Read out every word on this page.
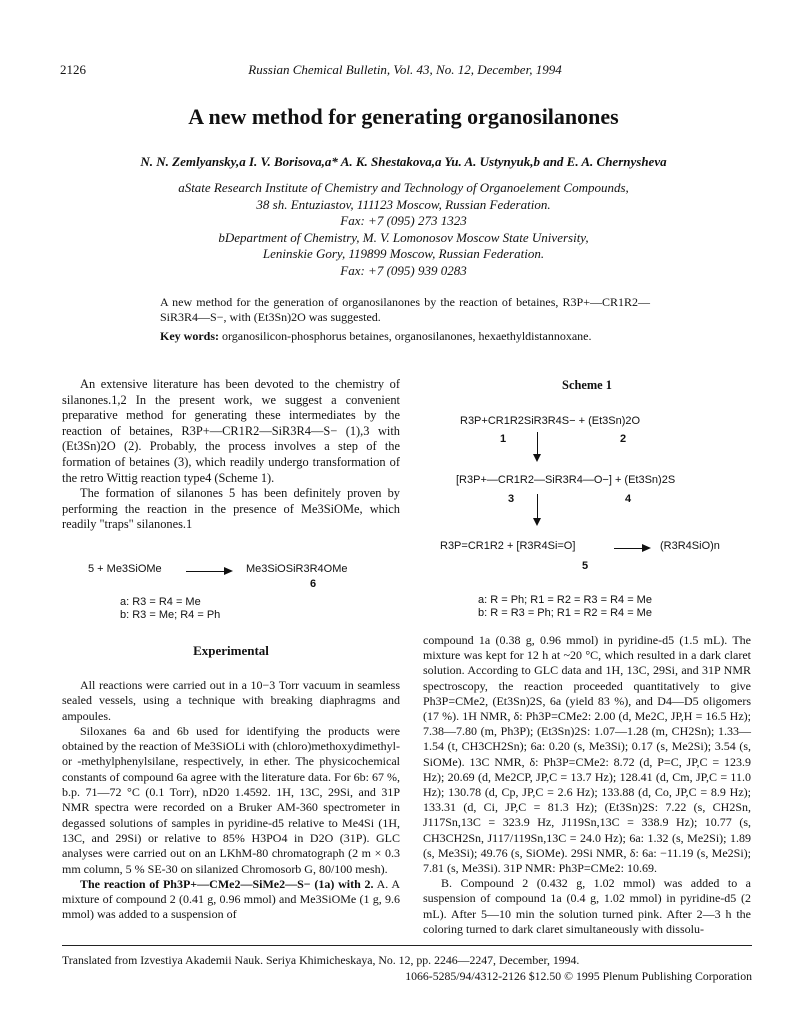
2126	Russian Chemical Bulletin, Vol. 43, No. 12, December, 1994
A new method for generating organosilanones
N. N. Zemlyansky,a I. V. Borisova,a* A. K. Shestakova,a Yu. A. Ustynyuk,b and E. A. Chernyshevа
aState Research Institute of Chemistry and Technology of Organoelement Compounds,
38 sh. Entuziastov, 111123 Moscow, Russian Federation.
Fax: +7 (095) 273 1323
bDepartment of Chemistry, M. V. Lomonosov Moscow State University,
Leninskie Gory, 119899 Moscow, Russian Federation.
Fax: +7 (095) 939 0283
A new method for the generation of organosilanones by the reaction of betaines, R3P+—CR1R2—SiR3R4—S−, with (Et3Sn)2O was suggested.
Key words: organosilicon-phosphorus betaines, organosilanones, hexaethyldistannoxane.

An extensive literature has been devoted to the chemistry of silanones.1,2 In the present work, we suggest a convenient preparative method for generating these intermediates by the reaction of betaines, R3P+—CR1R2—SiR3R4—S− (1),3 with (Et3Sn)2O (2). Probably, the process involves a step of the formation of betaines (3), which readily undergo transformation of the retro Wittig reaction type4 (Scheme 1).

The formation of silanones 5 has been definitely proven by performing the reaction in the presence of Me3SiOMe, which readily "traps" silanones.1

5 + Me3SiOMe	Me3SiOSiR3R4OMe
6
a: R3 = R4 = Me
b: R3 = Me; R4 = Ph
Scheme 1
R3P+CR1R2SiR3R4S− + (Et3Sn)2O
1	2
[R3P+—CR1R2—SiR3R4—O−] + (Et3Sn)2S
3	4
R3P=CR1R2 + [R3R4Si=O]	(R3R4SiO)n
5
a: R = Ph; R1 = R2 = R3 = R4 = Me
b: R = R3 = Ph; R1 = R2 = R4 = Me
Experimental

All reactions were carried out in a 10−3 Torr vacuum in seamless sealed vessels, using a technique with breaking diaphragms and ampoules.

Siloxanes 6a and 6b used for identifying the products were obtained by the reaction of Me3SiOLi with (chloro)methoxydimethyl- or -methylphenylsilane, respectively, in ether. The physicochemical constants of compound 6a agree with the literature data. For 6b: 67 %, b.p. 71—72 °C (0.1 Torr), nD20 1.4592. 1H, 13C, 29Si, and 31P NMR spectra were recorded on a Bruker AM-360 spectrometer in degassed solutions of samples in pyridine-d5 relative to Me4Si (1H, 13C, and 29Si) or relative to 85% H3PO4 in D2O (31P). GLC analyses were carried out on an LKhM-80 chromatograph (2 m × 0.3 mm column, 5 % SE-30 on silanized Chromosorb G, 80/100 mesh).

The reaction of Ph3P+—CMe2—SiMe2—S− (1a) with 2. A. A mixture of compound 2 (0.41 g, 0.96 mmol) and Me3SiOMe (1 g, 9.6 mmol) was added to a suspension of

compound 1a (0.38 g, 0.96 mmol) in pyridine-d5 (1.5 mL). The mixture was kept for 12 h at ~20 °C, which resulted in a dark claret solution. According to GLC data and 1H, 13C, 29Si, and 31P NMR spectroscopy, the reaction proceeded quantitatively to give Ph3P=CMe2, (Et3Sn)2S, 6a (yield 83 %), and D4—D5 oligomers (17 %). 1H NMR, δ: Ph3P=CMe2: 2.00 (d, Me2C, JP,H = 16.5 Hz); 7.38—7.80 (m, Ph3P); (Et3Sn)2S: 1.07—1.28 (m, CH2Sn); 1.33—1.54 (t, CH3CH2Sn); 6a: 0.20 (s, Me3Si); 0.17 (s, Me2Si); 3.54 (s, SiOMe). 13C NMR, δ: Ph3P=CMe2: 8.72 (d, P=C, JP,C = 123.9 Hz); 20.69 (d, Me2CP, JP,C = 13.7 Hz); 128.41 (d, Cm, JP,C = 11.0 Hz); 130.78 (d, Cp, JP,C = 2.6 Hz); 133.88 (d, Co, JP,C = 8.9 Hz); 133.31 (d, Ci, JP,C = 81.3 Hz); (Et3Sn)2S: 7.22 (s, CH2Sn, J117Sn,13C = 323.9 Hz, J119Sn,13C = 338.9 Hz); 10.77 (s, CH3CH2Sn, J117/119Sn,13C = 24.0 Hz); 6a: 1.32 (s, Me2Si); 1.89 (s, Me3Si); 49.76 (s, SiOMe). 29Si NMR, δ: 6a: −11.19 (s, Me2Si); 7.81 (s, Me3Si). 31P NMR: Ph3P=CMe2: 10.69.

B. Compound 2 (0.432 g, 1.02 mmol) was added to a suspension of compound 1a (0.4 g, 1.02 mmol) in pyridine-d5 (2 mL). After 5—10 min the solution turned pink. After 2—3 h the coloring turned to dark claret simultaneously with dissolu-

Translated from Izvestiya Akademii Nauk. Seriya Khimicheskaya, No. 12, pp. 2246—2247, December, 1994.
1066-5285/94/4312-2126 $12.50 © 1995 Plenum Publishing Corporation
